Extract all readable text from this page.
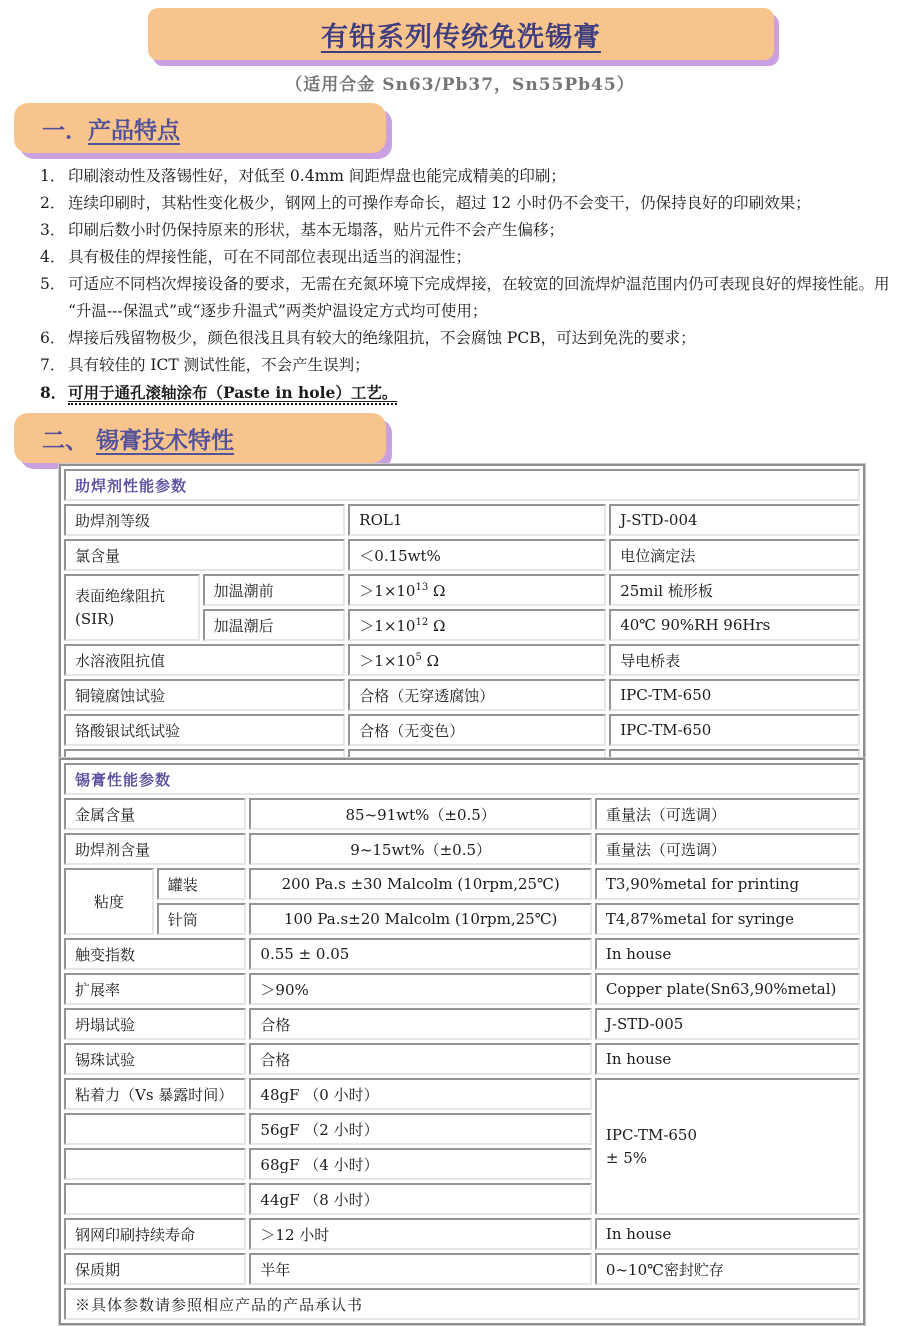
有铅系列传统免洗锡膏
（适用合金 Sn63/Pb37，Sn55Pb45）
一．产品特点
1． 印刷滚动性及落锡性好，对低至 0.4mm 间距焊盘也能完成精美的印刷；
2． 连续印刷时，其粘性变化极少，钢网上的可操作寿命长，超过 12 小时仍不会变干，仍保持良好的印刷效果；
3． 印刷后数小时仍保持原来的形状，基本无塌落，贴片元件不会产生偏移；
4． 具有极佳的焊接性能，可在不同部位表现出适当的润湿性；
5． 可适应不同档次焊接设备的要求，无需在充氮环境下完成焊接，在较宽的回流焊炉温范围内仍可表现良好的焊接性能。用“升温---保温式”或“逐步升温式”两类炉温设定方式均可使用；
6． 焊接后残留物极少，颜色很浅且具有较大的绝缘阻抗，不会腐蚀 PCB，可达到免洗的要求；
7． 具有较佳的 ICT 测试性能，不会产生误判；
8． 可用于通孔滚轴涂布（Paste in hole）工艺。
二、 锡膏技术特性
助焊剂性能参数			
助焊剂等级		ROL1	J-STD-004
氯含量		＜0.15wt%	电位滴定法
表面绝缘阻抗
(SIR)	加温潮前	$>1\times 10^{13}$ Ω	25mil 梳形板
	加温潮后	$>1\times 10^{12}$ Ω	40℃ 90%RH 96Hrs
水溶液阻抗值		$>1\times 10^5$ Ω	导电桥表
铜镜腐蚀试验		合格（无穿透腐蚀）	IPC-TM-650
铬酸银试纸试验		合格（无变色）	IPC-TM-650

锡膏性能参数			
金属含量		85~91wt%（±0.5）	重量法（可选调）
助焊剂含量		9~15wt%（±0.5）	重量法（可选调）
粘度	罐装	200 Pa.s ±30 Malcolm (10rpm,25℃)	T3,90%metal for printing
	针筒	100 Pa.s±20 Malcolm (10rpm,25℃)	T4,87%metal for syringe
触变指数		0.55 ± 0.05	In house
扩展率		＞90%	Copper plate(Sn63,90%metal)
坍塌试验		合格	J-STD-005
锡珠试验		合格	In house
粘着力（Vs 暴露时间）		48gF （0 小时）	IPC-TM-650
± 5%
		56gF （2 小时）	
		68gF （4 小时）	
		44gF （8 小时）	
钢网印刷持续寿命		＞12 小时	In house
保质期		半年	0~10℃密封贮存
※具体参数请参照相应产品的产品承认书			
